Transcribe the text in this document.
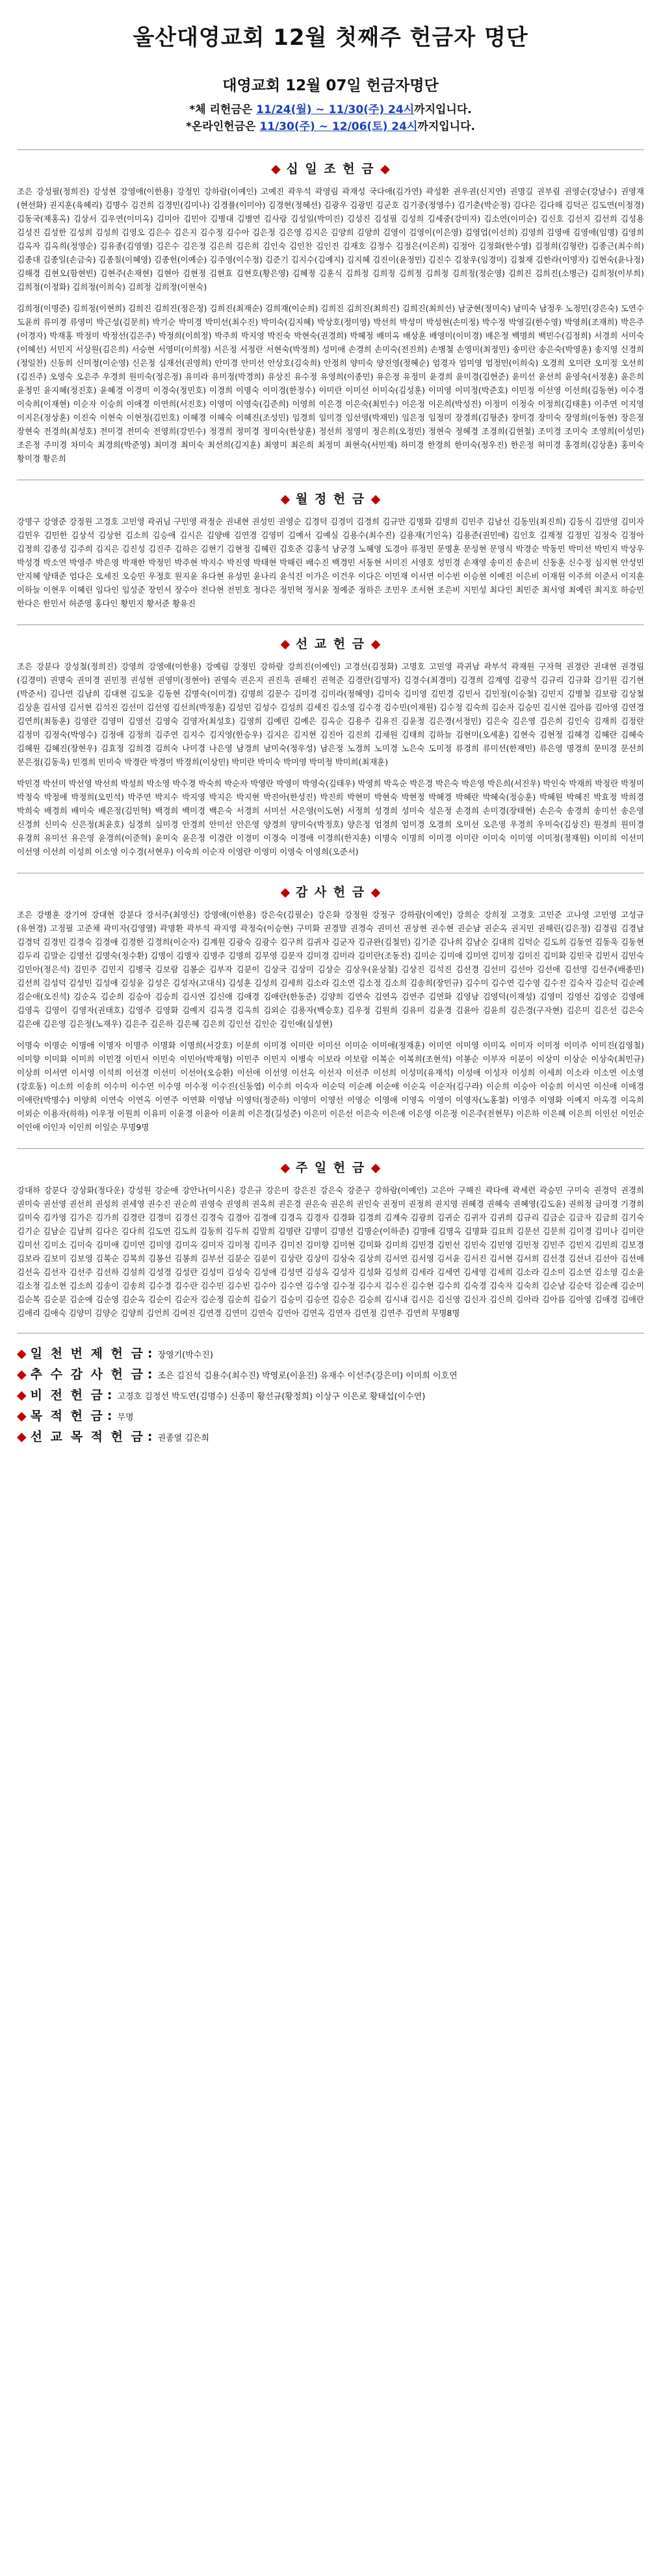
울산대영교회 12월 첫째주 헌금자 명단
대영교회 12월 07일 헌금자명단

*체 리헌금은 11/24(월) ~ 11/30(주) 24시까지입니다.

*온라인헌금은 11/30(주) ~ 12/06(토) 24시까지입니다.

◆ 십 일 조 헌 금 ◆

조은 강성필(정희진) 강성현 강영애(이한용) 강정민 강하람(이예인) 고예진 곽우석 곽영림 곽재성 국다애(김가연) 곽성환 권우권(신지연) 권명길 권부림 권영순(강남수) 권영재(현선화) 권지훈(육혜리) 김명수 김건희 김경민(김미나) 김경률(이미아) 김경현(정혜선) 김광우 김광민 김군호 김기중(정영수) 김기춘(박순정) 김다은 김다해 김덕곤 김도연(이정경) 김동국(제홍옥) 김상서 김우연(이미옥) 김미아 김민아 김병대 김병연 김사랑 김성일(박미진) 김성진 김성필 김성희 김세중(강미자) 김소연(이미순) 김신호 김선지 김선희 김성용 김성진 김성한 김성희 김성희 김영오 김은수 김은지 김수정 김수아 김은정 김은영 김지은 김양희 김양희 김영이 김영이(이은영) 김영업(이선희) 김영희 김영애 김영애(임명) 김영희 김옥자 김옥희(정영순) 김유종(김영열) 김은수 김은정 김은희 김은희 김인숙 김인찬 김인진 김재호 김정수 김정은(이은희) 김정아 김정화(한수영) 김정희(김형란) 김종근(최수희) 김종대 김종일(손금숙) 김종칠(이혜영) 김종헌(이예순) 김주영(이수정) 김준기 김지수(김예지) 김지혜 김진이(윤정민) 김진수 김창우(임경미) 김철재 김한라(이명자) 김현숙(윤나정) 김해경 김현오(함현빈) 김현주(손재현) 김현아 김현정 김현효 김현호(황은영) 김혜정 김훈식 김희정 김희정 김희정 김희정 김희정(정순영) 김희진 김희진(소병근) 김희정(이부희) 김희정(이정화) 김희정(이희숙) 김희정 김희정(이현숙)

김희정(이명준) 김희정(이현희) 김희진 김희진(정은정) 김희진(최재순) 김희재(이순희) 김희진 김희진(최희진) 김희진(최희선) 남궁현(정미숙) 남미숙 남정우 노정민(강은숙) 도연수 도윤희 류미경 류영미 박근성(김문희) 박기순 박미경 박미선(최수진) 박미숙(김지혜) 박상호(정미영) 박선희 박성미 박성현(손미정) 박수정 박영길(한수영) 박영희(조재희) 박은주(이경자) 박재홍 박정미 박정선(김은주) 박정희(이희정) 박주희 박지영 박진숙 박현숙(권경희) 박혜정 배미옥 배상훈 배영미(이미경) 배은정 백명희 백민수(김정희) 서경희 서미숙(이혜선) 서민지 서상원(김은희) 서승현 서영미(이희정) 서은정 서정란 서현숙(박정희) 성미애 손경희 손미숙(전진희) 손병철 손영미(최정민) 송미란 송은숙(박영훈) 송지영 신경희(정일찬) 신동희 신미정(이순영) 신은정 심재선(권영희) 안미경 안미선 안상호(김숙희) 안정희 양미숙 양진영(정혜순) 엄경자 엄미영 엄정민(이희숙) 오경희 오미란 오미정 오선희(김진주) 오영숙 오은주 우경희 원미숙(정은정) 유미라 유미정(박경희) 유상진 유수정 유영희(이종민) 유은정 유정미 윤경희 윤미경(김현준) 윤미선 윤선희 윤영숙(서정훈) 윤은희 윤정민 윤지혜(정진호) 윤혜경 이경미 이경숙(정민호) 이경희 이명숙 이미경(한정수) 이미란 이미선 이미숙(김성훈) 이미영 이미정(박준호) 이민정 이선영 이선희(김동현) 이수경 이숙희(이재현) 이순자 이승희 이애경 이연희(서진호) 이영미 이영숙(김준희) 이영희 이은경 이은숙(최민수) 이은정 이은희(박성진) 이정미 이정숙 이정희(김태훈) 이주연 이지영 이지은(정상훈) 이진숙 이현숙 이현정(김민호) 이혜경 이혜숙 이혜진(조성민) 임경희 임미경 임선영(박재민) 임은정 임정미 장경희(김형준) 장미경 장미숙 장영희(이동현) 장은정 장현숙 전경희(최성호) 전미경 전미숙 전영희(강민수) 정경희 정미경 정미숙(한상훈) 정선희 정영미 정은희(오정민) 정현숙 정혜경 조경희(김현철) 조미경 조미숙 조영희(이성민) 조은정 주미경 차미숙 최경희(박준영) 최미경 최미숙 최선희(김지훈) 최영미 최은희 최정미 최현숙(서민재) 하미경 한경희 한미숙(정우진) 한은정 허미경 홍경희(김상훈) 홍미숙 황미경 황은희

◆ 월 정 헌 금 ◆

강명구 강영준 강정원 고경호 고민영 곽귀님 구민영 곽정순 권내현 권성민 권영순 김경덕 김경미 김경희 김규만 김명화 김명희 김민주 김남선 김동민(최진희) 김동식 김만영 김미자 김민우 김민한 김상석 김상헌 김소희 김승애 김시은 김양배 김연경 김영미 김예서 김예실 김용수(최수진) 김용재(기인옥) 김용준(권민애) 김인호 김재정 김정민 김정숙 김정아 김정희 김종성 김주희 김지은 김진성 김진주 김하은 김현기 김현정 김혜린 김호준 김홍석 남궁경 노혜영 도경아 류정민 문명훈 문성현 문영식 박경순 박동민 박미선 박민지 박상우 박성경 박소연 박영주 박은영 박재한 박정민 박주현 박지수 박진영 박태현 박해린 배수진 백경민 서동현 서미진 서영호 성민경 손재영 송미진 송은비 신동훈 신수정 심지현 안성민 안지혜 양태준 엄다은 오세진 오승민 우정호 원지윤 유다현 유성민 윤나리 윤석진 이가은 이건우 이다은 이민재 이서연 이수빈 이승현 이예진 이은비 이재원 이주희 이준서 이지훈 이하늘 이현우 이혜린 임다인 임성준 장민서 장수아 전다현 전민호 정다은 정민혁 정서윤 정예준 정하은 조민우 조서현 조은비 지민성 최다인 최민준 최서영 최예린 최지호 하승민 한다은 한민서 허준영 홍다인 황민지 황서준 황유진

◆ 선 교 헌 금 ◆

조은 강분다 강성철(정희진) 강영희 강영애(이한용) 강예림 강정민 강하람 강희진(이예인) 고경선(김정화) 고명호 고민영 곽귀남 곽부석 곽재원 구자혁 권경란 권대현 권경림(김경미) 권명숙 권미경 권민정 권성현 권영미(정현아) 권영숙 권은지 권진욱 권해진 권혁준 김경란(김명자) 김경수(최경미) 김경희 김계영 김광석 김규리 김규화 김기원 김기현(박준서) 김나연 김남희 김대현 김도윤 김동현 김명숙(이미경) 김명희 김문수 김미경 김미라(정혜영) 김미숙 김미영 김민경 김민서 김민정(이승철) 김민지 김병철 김보람 김상철 김상훈 김서영 김서현 김석진 김선미 김선영 김선희(박정훈) 김성민 김성수 김성희 김세진 김소영 김수경 김수민(이재원) 김수정 김숙희 김순자 김승민 김시현 김아름 김아영 김연경 김연희(최동훈) 김영란 김영미 김영선 김영숙 김영자(최성호) 김영희 김예린 김예은 김옥순 김용주 김유진 김윤정 김은경(서정민) 김은숙 김은영 김은희 김인숙 김재희 김정란 김정미 김정숙(박영수) 김정애 김정희 김주연 김지수 김지영(한승우) 김지은 김지현 김진아 김진희 김채원 김태희 김하늘 김현미(오세훈) 김현숙 김현정 김혜경 김혜란 김혜숙 김혜원 김혜진(장현우) 김효정 김희경 김희숙 나미경 나은영 남경희 남미숙(정우성) 남은정 노경희 노미경 노은숙 도미정 류경희 류미선(한재민) 류은영 명경희 문미경 문선희 문은정(김동욱) 민경희 민미숙 박경란 박경미 박경희(이상민) 박미란 박미숙 박미영 박미정 박미희(최재훈)

박민경 박선미 박선영 박선희 박성희 박소영 박수경 박숙희 박순자 박영란 박영미 박영숙(김태우) 박영희 박옥순 박은경 박은숙 박은영 박은희(서진우) 박인숙 박재희 박정란 박정미 박정숙 박정애 박정희(오민석) 박주연 박지수 박지영 박지은 박지현 박진아(한성진) 박진희 박현미 박현숙 박현정 박혜경 박혜란 박혜숙(정승훈) 박혜원 박혜진 박효정 박희경 박희숙 배경희 배미숙 배은정(김민혁) 백경희 백미경 백은숙 서경희 서미선 서은영(이도현) 서정희 성경희 성미숙 성은정 손경희 손미경(장태현) 손은숙 송경희 송미선 송은영 신경희 신미숙 신은정(최윤호) 심경희 심미경 안경희 안미선 안은영 양경희 양미숙(박정호) 양은정 엄경희 엄미경 오경희 오미선 오은영 우경희 우미숙(김상진) 원경희 원미경 유경희 유미선 유은영 윤경희(이준혁) 윤미숙 윤은정 이경란 이경미 이경숙 이경애 이경희(한지훈) 이명숙 이명희 이미경 이미란 이미숙 이미영 이미정(정재원) 이미희 이선미 이선영 이선희 이성희 이소영 이수경(서현우) 이숙희 이순자 이영란 이영미 이영숙 이영희(오준서)

◆ 감 사 헌 금 ◆

조은 강병훈 강기여 강대현 강분다 강서주(최영신) 강영애(이한용) 강은숙(김필순) 강은화 강정원 강정구 강하람(이예인) 강희순 강희정 고경호 고민준 고나영 고민영 고성규(유현경) 고정필 고준채 곽미자(김영열) 곽명환 곽부석 곽지영 곽정숙(이승현) 구미화 권경말 권경숙 권미선 권상현 권수현 권순남 권순옥 권지민 권해린(김은정) 김경림 김경남 김경덕 김경민 김경숙 김경애 김경한 김경희(이순자) 김계원 김광숙 김광수 김구희 김귀자 김군자 김규완(김철민) 김기준 김나희 김남순 김대희 김덕순 김도희 김동연 김동욱 김동현 김두리 김말순 김명선 김명숙(정수환) 김명이 김명자 김명주 김명희 김무영 김문자 김미경 김미라 김미란(조동진) 김미순 김미애 김미연 김미정 김미진 김미화 김민국 김민서 김민숙 김민아(정은석) 김민주 김민지 김병국 김보람 김봉순 김부자 김분이 김상국 김상미 김상순 김상우(윤상철) 김상진 김석진 김선경 김선미 김선아 김선애 김선영 김선주(배종민) 김선희 김성덕 김성민 김성애 김성윤 김성은 김성자(고대식) 김성훈 김성희 김세희 김소라 김소연 김소정 김소희 김송희(장민규) 김수미 김수연 김수영 김수진 김숙자 김순덕 김순례 김순애(오진석) 김순옥 김순희 김승아 김승희 김시연 김신애 김애경 김애란(한동준) 김양희 김연숙 김연옥 김연주 김연화 김영남 김영덕(이재성) 김영미 김영선 김영순 김영애 김영옥 김영이 김영자(권태호) 김영주 김영화 김예지 김옥경 김옥희 김외순 김용자(백승호) 김우정 김원희 김유미 김윤경 김윤아 김윤희 김은경(구자현) 김은미 김은선 김은숙 김은애 김은영 김은정(노재우) 김은주 김은하 김은혜 김은희 김인선 김인순 김인애(심성현)

이명숙 이명순 이명애 이명자 이명주 이명화 이명희(서강호) 이문희 이미경 이미란 이미선 이미순 이미애(정재훈) 이미연 이미영 이미옥 이미자 이미정 이미주 이미진(김영철) 이미향 이미화 이미희 이민경 이민서 이민숙 이민아(박재형) 이민주 이민지 이병숙 이보라 이보람 이복순 이복희(조현석) 이봉순 이부자 이분이 이상미 이상순 이상숙(최민규) 이상희 이서연 이서영 이석희 이선경 이선미 이선아(오승환) 이선애 이선영 이선옥 이선자 이선주 이선희 이성미(유재석) 이성애 이성자 이성희 이세희 이소라 이소연 이소영(강호동) 이소희 이송희 이수미 이수연 이수영 이수정 이수진(신동엽) 이수희 이숙자 이순덕 이순례 이순애 이순옥 이순자(김구라) 이순희 이승아 이승희 이시연 이신애 이애경 이애란(박명수) 이양희 이연숙 이연옥 이연주 이연화 이영남 이영덕(정준하) 이영미 이영선 이영순 이영애 이영옥 이영이 이영자(노홍철) 이영주 이영화 이예지 이옥경 이옥희 이외순 이용자(하하) 이우정 이원희 이유미 이윤경 이윤아 이윤희 이은경(길성준) 이은미 이은선 이은숙 이은애 이은영 이은정 이은주(전현무) 이은하 이은혜 이은희 이인선 이인순 이인애 이인자 이인희 이일순 무명9명

◆ 주 일 헌 금 ◆

강대하 강분다 강상화(정다운) 강성원 강순애 강안나(이시온) 강은규 강은미 강은진 강은숙 강준구 강하람(이예인) 고은아 구해진 곽다애 곽세련 곽승민 구미숙 권경덕 권경희 권미숙 권선영 권선희 권성희 권세영 권수진 권순희 권영숙 권영희 권옥희 권은경 권은숙 권은희 권인숙 권정미 권정희 권지영 권혜경 권혜숙 권혜영(김도윤) 권희정 금미경 기경희 길미숙 김가영 김가은 김가희 김경란 김경미 김경선 김경숙 김경아 김경애 김경옥 김경자 김경화 김경희 김계숙 김광희 김귀순 김귀자 김귀희 김규리 김금순 김금자 김금희 김기숙 김기순 김남순 김남희 김다은 김다희 김도연 김도희 김동희 김두희 김말희 김명란 김명미 김명선 김명순(이하준) 김명애 김명옥 김명화 김묘희 김문선 김문희 김미경 김미나 김미란 김미선 김미소 김미숙 김미애 김미연 김미영 김미옥 김미자 김미정 김미주 김미진 김미향 김미현 김미화 김미희 김민경 김민선 김민숙 김민영 김민정 김민주 김민지 김민희 김보경 김보라 김보미 김보영 김복순 김복희 김봉선 김봉희 김부선 김분순 김분이 김상란 김상미 김상숙 김상희 김서연 김서영 김서윤 김서진 김서현 김서희 김선경 김선녀 김선아 김선애 김선옥 김선자 김선주 김선하 김설희 김성경 김성란 김성미 김성숙 김성애 김성연 김성옥 김성자 김성화 김성희 김세라 김세연 김세영 김세희 김소라 김소미 김소연 김소영 김소윤 김소정 김소현 김소희 김송이 김송희 김수경 김수란 김수민 김수빈 김수아 김수연 김수영 김수정 김수지 김수진 김수현 김수희 김숙경 김숙자 김숙희 김순남 김순덕 김순례 김순미 김순복 김순분 김순애 김순영 김순옥 김순이 김순자 김순정 김순희 김슬기 김승미 김승연 김승은 김승희 김시내 김시은 김신영 김신자 김신희 김아라 김아름 김아영 김애경 김애란 김애리 김애숙 김양미 김양순 김양희 김언희 김여진 김연경 김연미 김연숙 김연아 김연옥 김연자 김연정 김연주 김연희 무명8명

◆ 일 천 번 제 헌 금 : 장영기(박수진)
◆ 추 수 감 사 헌 금 : 조은 김진석 김용수(최수진) 박영로(이윤진) 유재수 이선주(강은미) 이미희 이호연
◆ 비 전 헌 금 : 고경호 김정선 박도연(김명수) 신종미 황선규(황정희) 이상구 이은로 황태섭(이수연)
◆ 목 적 헌 금 : 무명
◆ 선 교 목 적 헌 금 : 권종열 김은희
